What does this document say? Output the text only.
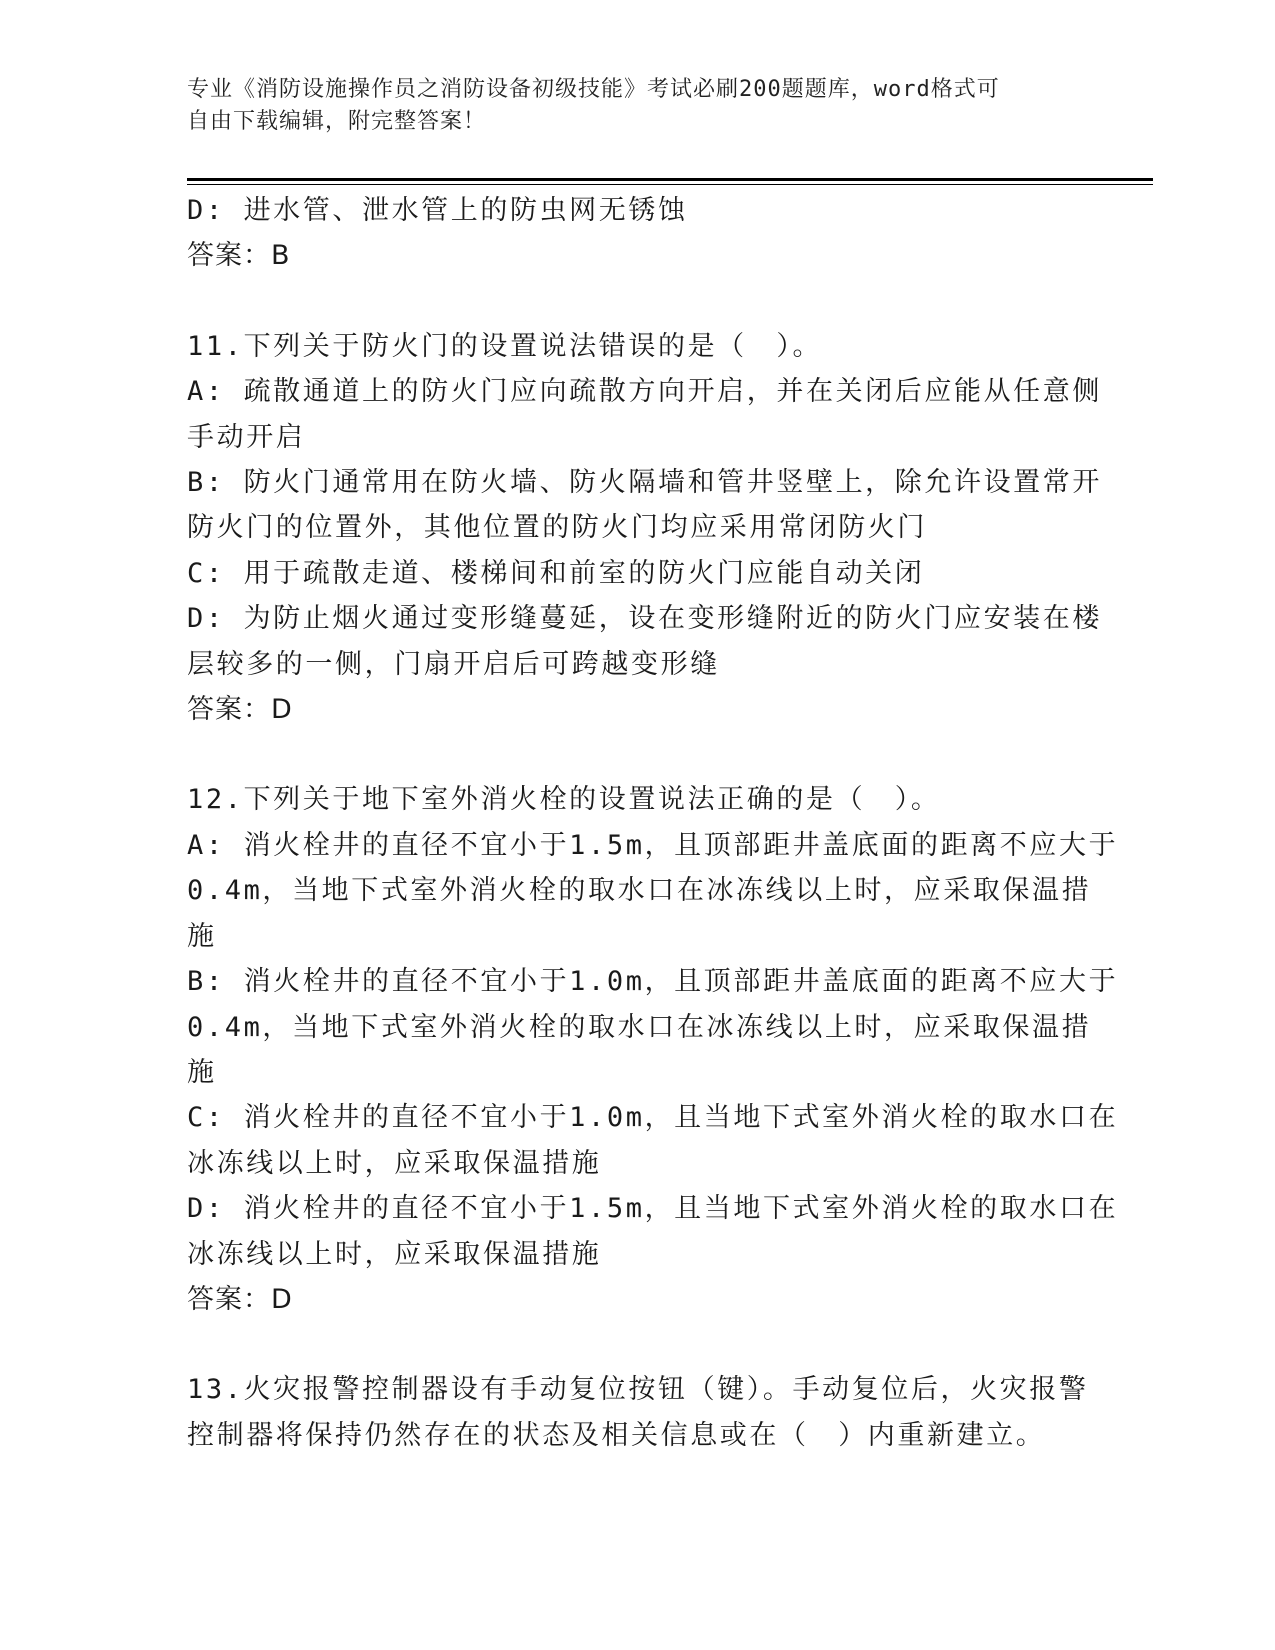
专业《消防设施操作员之消防设备初级技能》考试必刷200题题库，word格式可
自由下载编辑，附完整答案！
D: 进水管、泄水管上的防虫网无锈蚀
答案：B
11.下列关于防火门的设置说法错误的是（　）。
A: 疏散通道上的防火门应向疏散方向开启，并在关闭后应能从任意侧
手动开启
B: 防火门通常用在防火墙、防火隔墙和管井竖壁上，除允许设置常开
防火门的位置外，其他位置的防火门均应采用常闭防火门
C: 用于疏散走道、楼梯间和前室的防火门应能自动关闭
D: 为防止烟火通过变形缝蔓延，设在变形缝附近的防火门应安装在楼
层较多的一侧，门扇开启后可跨越变形缝
答案：D
12.下列关于地下室外消火栓的设置说法正确的是（　）。
A: 消火栓井的直径不宜小于1.5m，且顶部距井盖底面的距离不应大于
0.4m，当地下式室外消火栓的取水口在冰冻线以上时，应采取保温措
施
B: 消火栓井的直径不宜小于1.0m，且顶部距井盖底面的距离不应大于
0.4m，当地下式室外消火栓的取水口在冰冻线以上时，应采取保温措
施
C: 消火栓井的直径不宜小于1.0m，且当地下式室外消火栓的取水口在
冰冻线以上时，应采取保温措施
D: 消火栓井的直径不宜小于1.5m，且当地下式室外消火栓的取水口在
冰冻线以上时，应采取保温措施
答案：D
13.火灾报警控制器设有手动复位按钮（键）。手动复位后，火灾报警
控制器将保持仍然存在的状态及相关信息或在（　）内重新建立。
